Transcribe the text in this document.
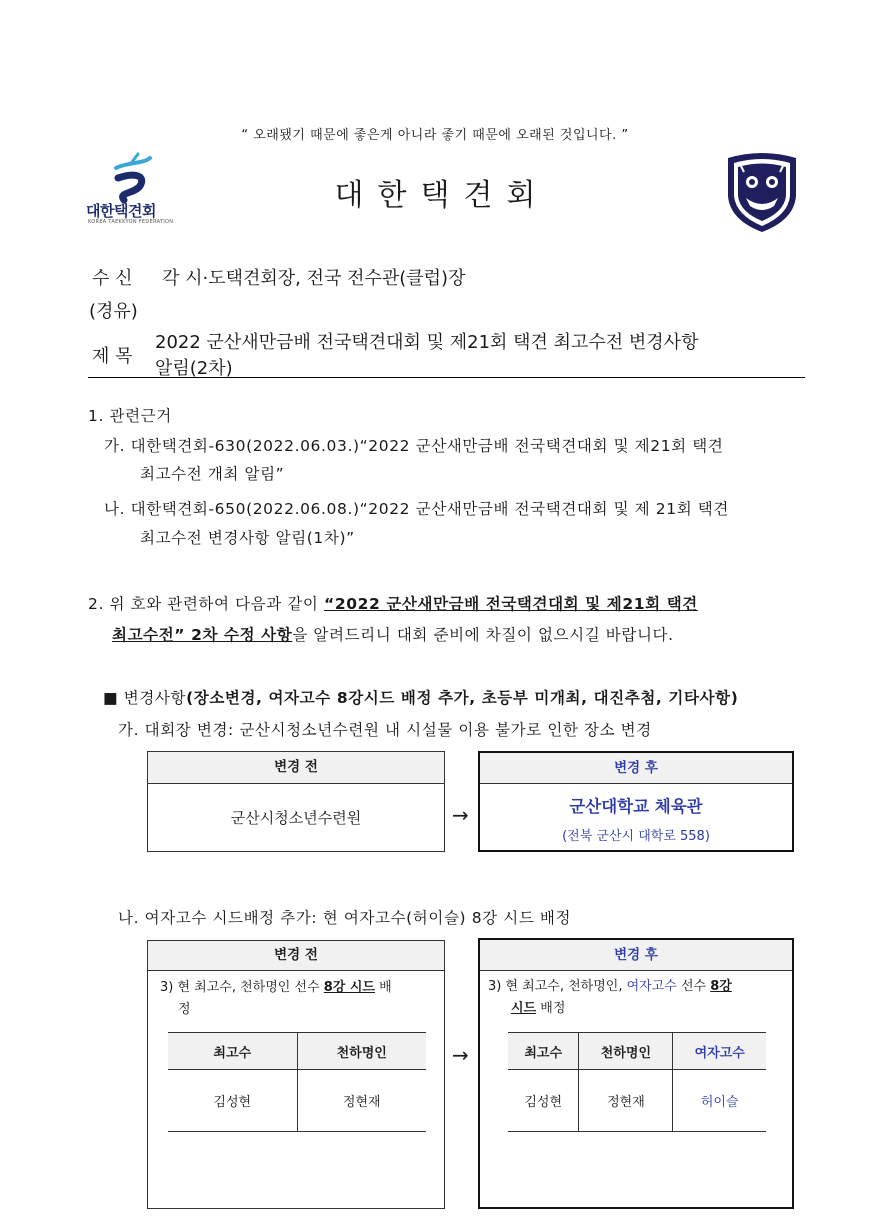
“ 오래됐기 때문에 좋은게 아니라 좋기 때문에 오래된 것입니다. ”
대한택견회
KOREA TAEKKYON FEDERATION
대한택견회
수 신 각 시·도택견회장, 전국 전수관(클럽)장
(경유)
제 목
2022 군산새만금배 전국택견대회 및 제21회 택견 최고수전 변경사항
알림(2차)
1. 관련근거
가. 대한택견회-630(2022.06.03.)“2022 군산새만금배 전국택견대회 및 제21회 택견
최고수전 개최 알림”
나. 대한택견회-650(2022.06.08.)“2022 군산새만금배 전국택견대회 및 제 21회 택견
최고수전 변경사항 알림(1차)”
2. 위 호와 관련하여 다음과 같이 “2022 군산새만금배 전국택견대회 및 제21회 택견
최고수전” 2차 수정 사항을 알려드리니 대회 준비에 차질이 없으시길 바랍니다.
■ 변경사항(장소변경, 여자고수 8강시드 배정 추가, 초등부 미개최, 대진추첨, 기타사항)
가. 대회장 변경: 군산시청소년수련원 내 시설물 이용 불가로 인한 장소 변경
변경 전
군산시청소년수련원	→
변경 후
군산대학교 체육관
(전북 군산시 대학로 558)
나. 여자고수 시드배정 추가: 현 여자고수(허이슬) 8강 시드 배정
변경 전
3) 현 최고수, 천하명인 선수 8강 시드 배
정
최고수	천하명인
김성현	정현재
→
변경 후
3) 현 최고수, 천하명인, 여자고수 선수 8강
시드 배정
최고수	천하명인	여자고수
김성현	정현재	허이슬
